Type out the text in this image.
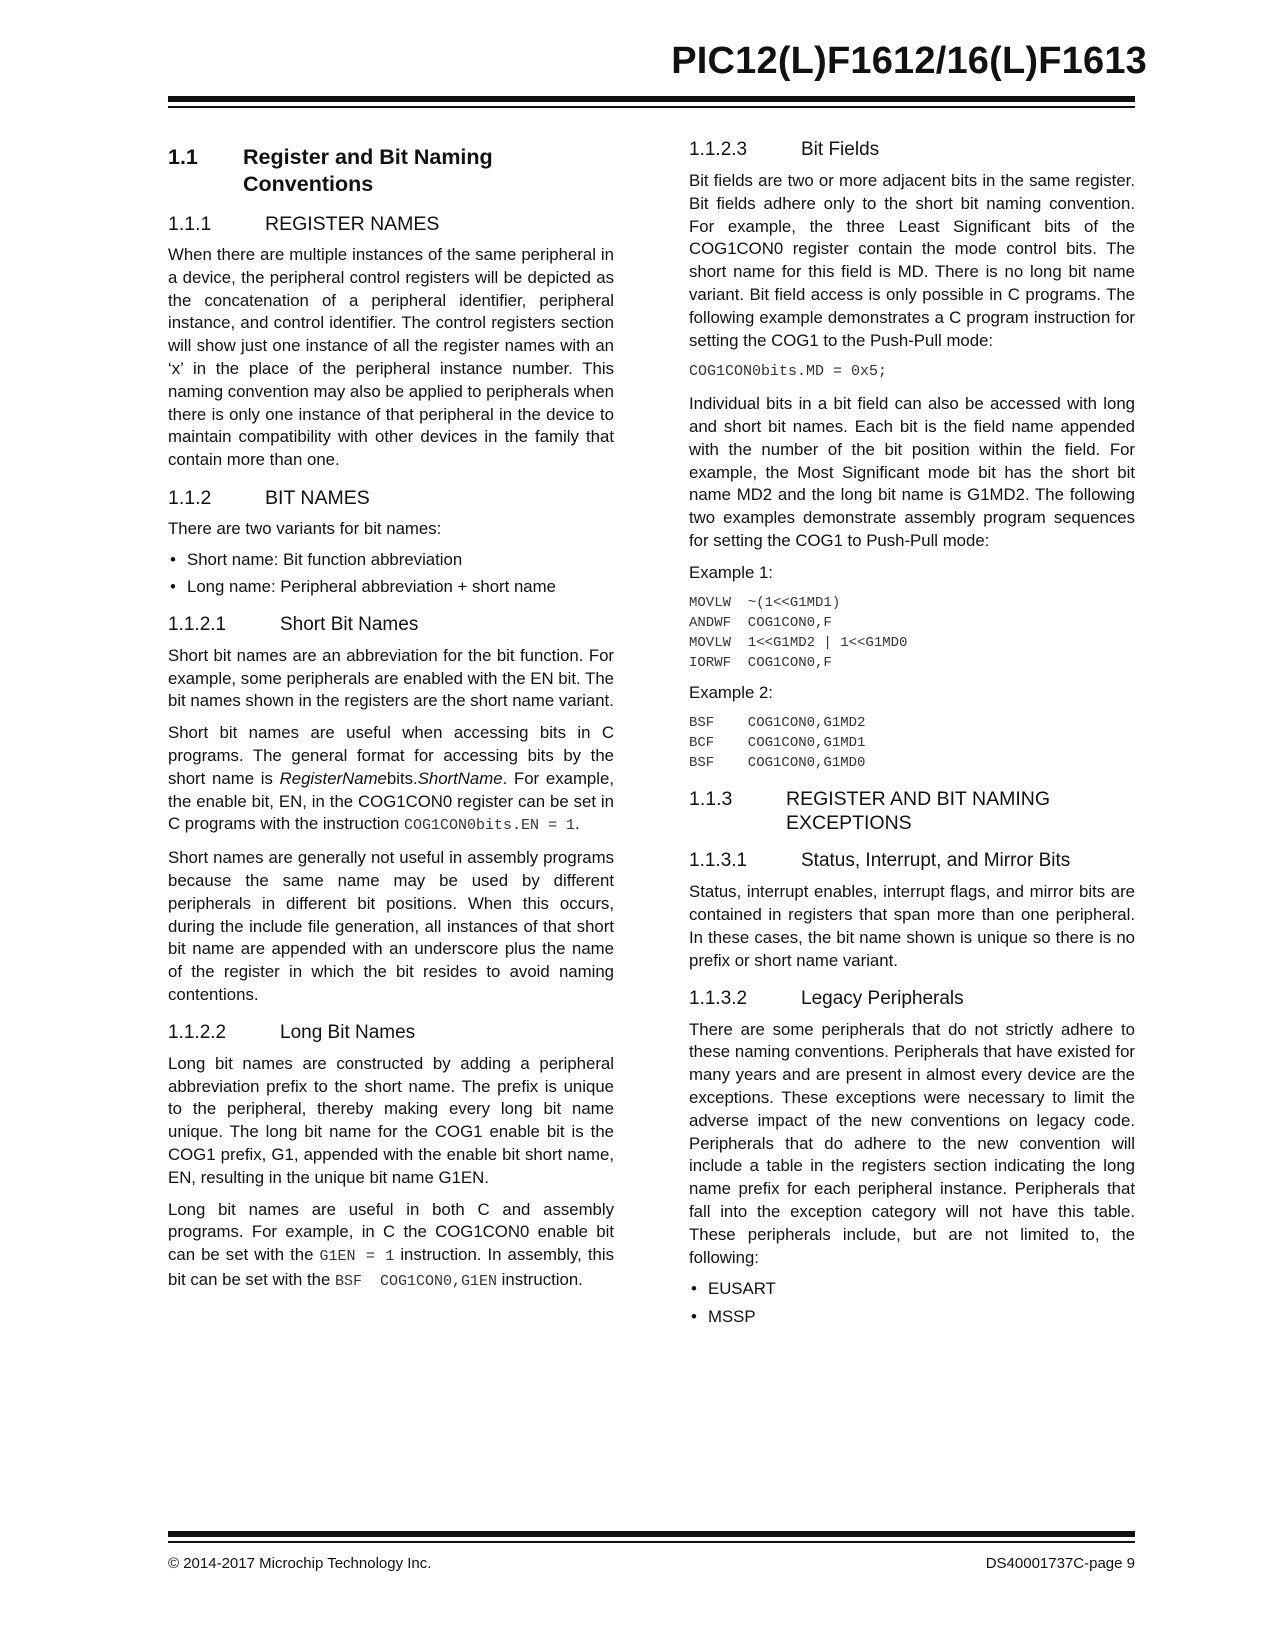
PIC12(L)F1612/16(L)F1613
1.1	Register and Bit Naming Conventions
1.1.1	REGISTER NAMES

When there are multiple instances of the same peripheral in a device, the peripheral control registers will be depicted as the concatenation of a peripheral identifier, peripheral instance, and control identifier. The control registers section will show just one instance of all the register names with an ‘x’ in the place of the peripheral instance number. This naming convention may also be applied to peripherals when there is only one instance of that peripheral in the device to maintain compatibility with other devices in the family that contain more than one.

1.1.2	BIT NAMES

There are two variants for bit names:

• Short name: Bit function abbreviation
• Long name: Peripheral abbreviation + short name
1.1.2.1	Short Bit Names

Short bit names are an abbreviation for the bit function. For example, some peripherals are enabled with the EN bit. The bit names shown in the registers are the short name variant.

Short bit names are useful when accessing bits in C programs. The general format for accessing bits by the short name is RegisterNamebits.ShortName. For example, the enable bit, EN, in the COG1CON0 register can be set in C programs with the instruction COG1CON0bits.EN = 1.

Short names are generally not useful in assembly programs because the same name may be used by different peripherals in different bit positions. When this occurs, during the include file generation, all instances of that short bit name are appended with an underscore plus the name of the register in which the bit resides to avoid naming contentions.

1.1.2.2	Long Bit Names

Long bit names are constructed by adding a peripheral abbreviation prefix to the short name. The prefix is unique to the peripheral, thereby making every long bit name unique. The long bit name for the COG1 enable bit is the COG1 prefix, G1, appended with the enable bit short name, EN, resulting in the unique bit name G1EN.

Long bit names are useful in both C and assembly programs. For example, in C the COG1CON0 enable bit can be set with the G1EN = 1 instruction. In assembly, this bit can be set with the BSF  COG1CON0,G1EN instruction.

1.1.2.3	Bit Fields

Bit fields are two or more adjacent bits in the same register. Bit fields adhere only to the short bit naming convention. For example, the three Least Significant bits of the COG1CON0 register contain the mode control bits. The short name for this field is MD. There is no long bit name variant. Bit field access is only possible in C programs. The following example demonstrates a C program instruction for setting the COG1 to the Push-Pull mode:

COG1CON0bits.MD = 0x5;

Individual bits in a bit field can also be accessed with long and short bit names. Each bit is the field name appended with the number of the bit position within the field. For example, the Most Significant mode bit has the short bit name MD2 and the long bit name is G1MD2. The following two examples demonstrate assembly program sequences for setting the COG1 to Push-Pull mode:

Example 1:

MOVLW  ~(1<<G1MD1)
ANDWF  COG1CON0,F
MOVLW  1<<G1MD2 | 1<<G1MD0
IORWF  COG1CON0,F

Example 2:

BSF    COG1CON0,G1MD2
BCF    COG1CON0,G1MD1
BSF    COG1CON0,G1MD0
1.1.3	REGISTER AND BIT NAMING EXCEPTIONS
1.1.3.1	Status, Interrupt, and Mirror Bits

Status, interrupt enables, interrupt flags, and mirror bits are contained in registers that span more than one peripheral. In these cases, the bit name shown is unique so there is no prefix or short name variant.

1.1.3.2	Legacy Peripherals

There are some peripherals that do not strictly adhere to these naming conventions. Peripherals that have existed for many years and are present in almost every device are the exceptions. These exceptions were necessary to limit the adverse impact of the new conventions on legacy code. Peripherals that do adhere to the new convention will include a table in the registers section indicating the long name prefix for each peripheral instance. Peripherals that fall into the exception category will not have this table. These peripherals include, but are not limited to, the following:

• EUSART
• MSSP
© 2014-2017 Microchip Technology Inc.	DS40001737C-page 9
